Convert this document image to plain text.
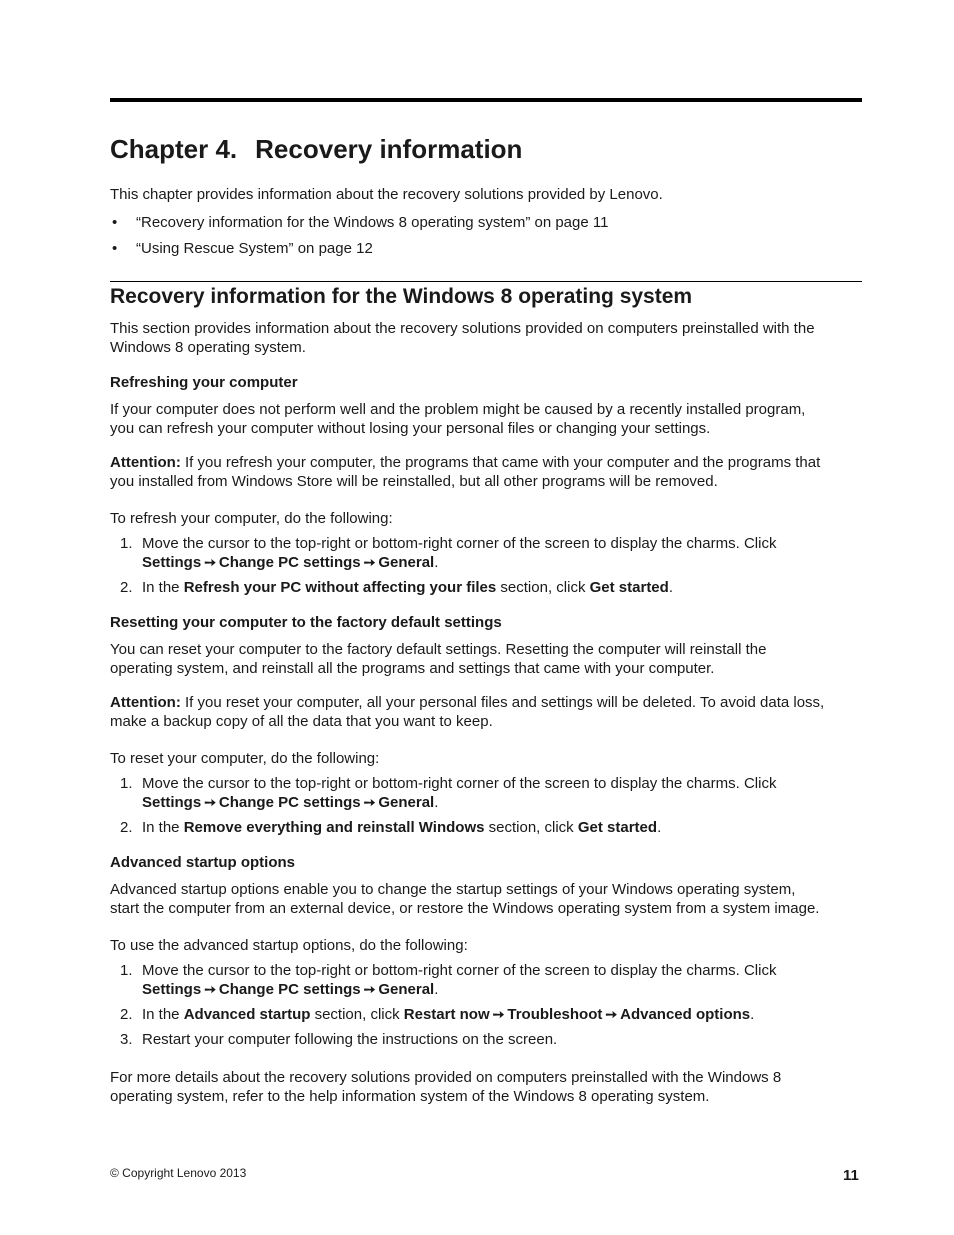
Chapter 4. Recovery information

This chapter provides information about the recovery solutions provided by Lenovo.

• “Recovery information for the Windows 8 operating system” on page 11
• “Using Rescue System” on page 12
Recovery information for the Windows 8 operating system

This section provides information about the recovery solutions provided on computers preinstalled with the
Windows 8 operating system.

Refreshing your computer

If your computer does not perform well and the problem might be caused by a recently installed program,
you can refresh your computer without losing your personal files or changing your settings.

Attention: If you refresh your computer, the programs that came with your computer and the programs that
you installed from Windows Store will be reinstalled, but all other programs will be removed.

To refresh your computer, do the following:

1. Move the cursor to the top-right or bottom-right corner of the screen to display the charms. Click
Settings ➙ Change PC settings ➙ General.
2. In the Refresh your PC without affecting your files section, click Get started.
Resetting your computer to the factory default settings

You can reset your computer to the factory default settings. Resetting the computer will reinstall the
operating system, and reinstall all the programs and settings that came with your computer.

Attention: If you reset your computer, all your personal files and settings will be deleted. To avoid data loss,
make a backup copy of all the data that you want to keep.

To reset your computer, do the following:

1. Move the cursor to the top-right or bottom-right corner of the screen to display the charms. Click
Settings ➙ Change PC settings ➙ General.
2. In the Remove everything and reinstall Windows section, click Get started.
Advanced startup options

Advanced startup options enable you to change the startup settings of your Windows operating system,
start the computer from an external device, or restore the Windows operating system from a system image.

To use the advanced startup options, do the following:

1. Move the cursor to the top-right or bottom-right corner of the screen to display the charms. Click
Settings ➙ Change PC settings ➙ General.
2. In the Advanced startup section, click Restart now ➙ Troubleshoot ➙ Advanced options.
3. Restart your computer following the instructions on the screen.

For more details about the recovery solutions provided on computers preinstalled with the Windows 8
operating system, refer to the help information system of the Windows 8 operating system.

© Copyright Lenovo 2013	11
